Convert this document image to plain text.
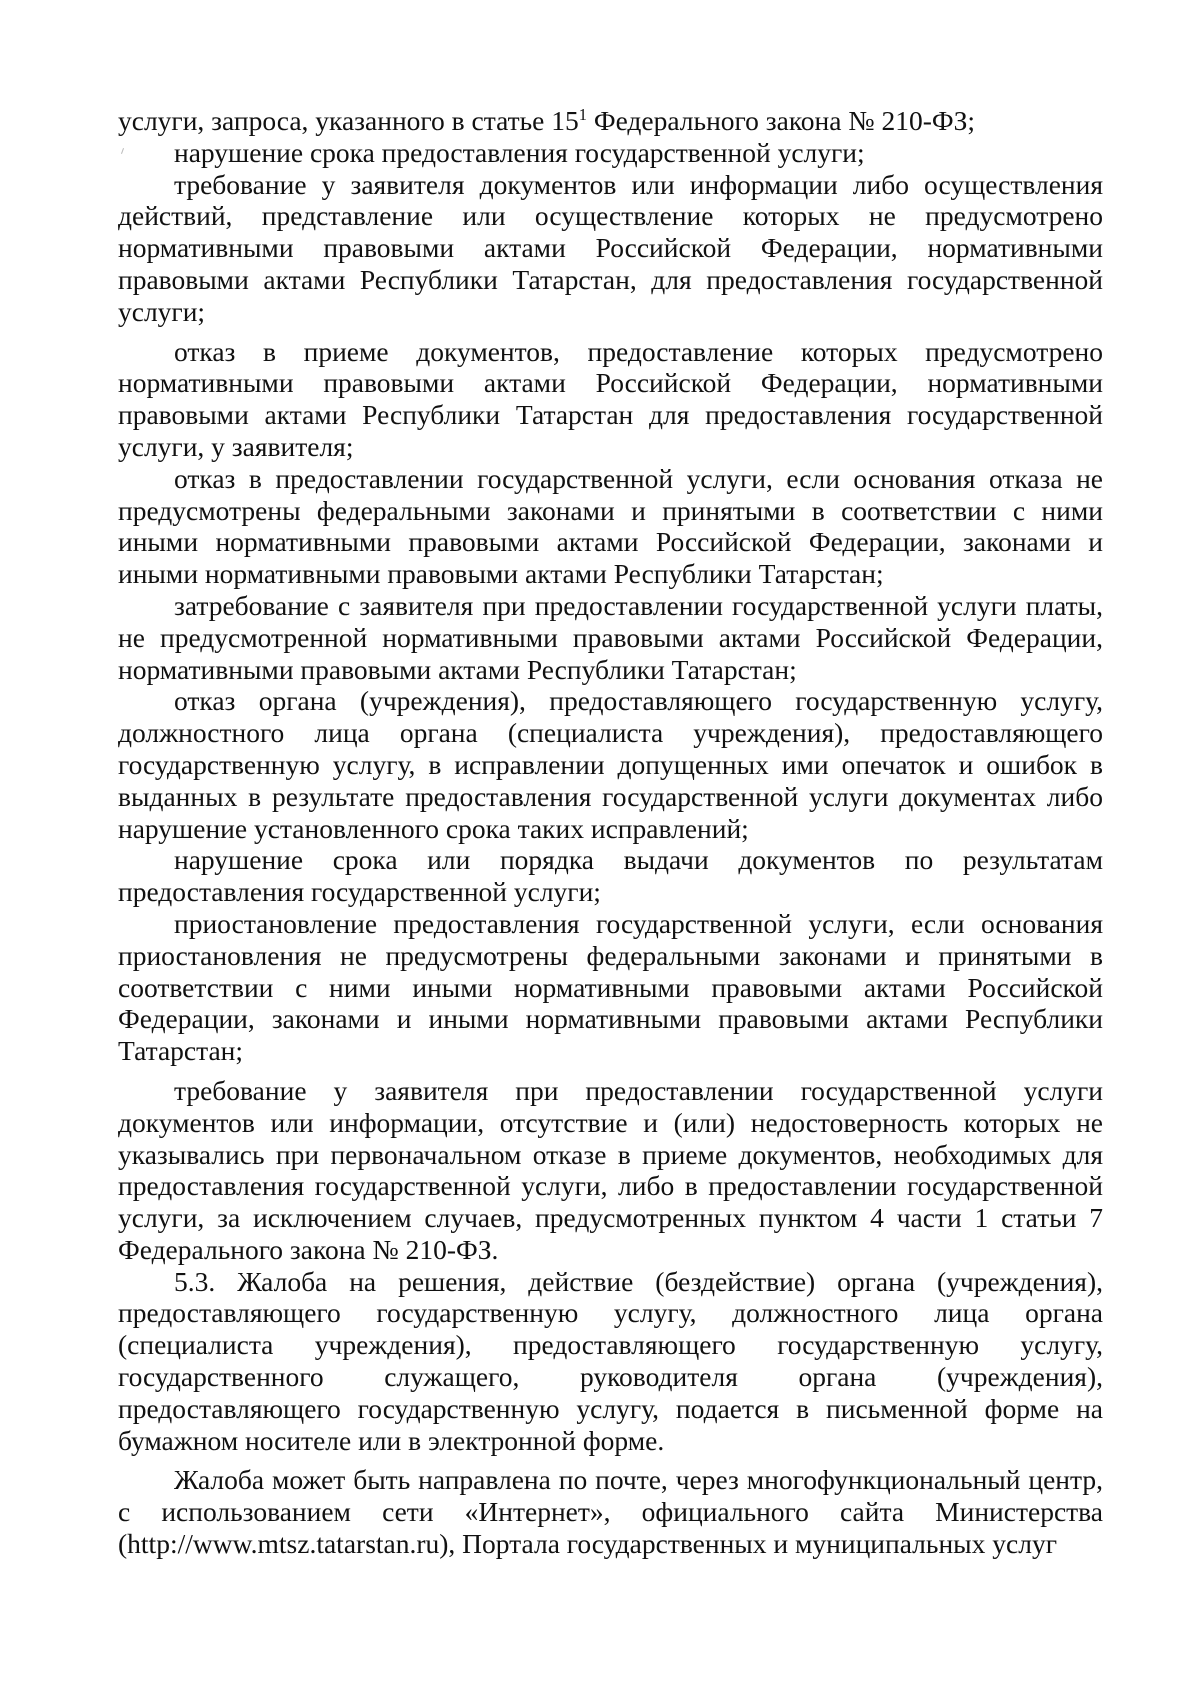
услуги, запроса, указанного в статье $15^1$ Федерального закона № 210-ФЗ;

нарушение срока предоставления государственной услуги;

требование у заявителя документов или информации либо осуществления действий, представление или осуществление которых не предусмотрено нормативными правовыми актами Российской Федерации, нормативными правовыми актами Республики Татарстан, для предоставления государственной услуги;

отказ в приеме документов, предоставление которых предусмотрено нормативными правовыми актами Российской Федерации, нормативными правовыми актами Республики Татарстан для предоставления государственной услуги, у заявителя;

отказ в предоставлении государственной услуги, если основания отказа не предусмотрены федеральными законами и принятыми в соответствии с ними иными нормативными правовыми актами Российской Федерации, законами и иными нормативными правовыми актами Республики Татарстан;

затребование с заявителя при предоставлении государственной услуги платы, не предусмотренной нормативными правовыми актами Российской Федерации, нормативными правовыми актами Республики Татарстан;

отказ органа (учреждения), предоставляющего государственную услугу, должностного лица органа (специалиста учреждения), предоставляющего государственную услугу, в исправлении допущенных ими опечаток и ошибок в выданных в результате предоставления государственной услуги документах либо нарушение установленного срока таких исправлений;

нарушение срока или порядка выдачи документов по результатам предоставления государственной услуги;

приостановление предоставления государственной услуги, если основания приостановления не предусмотрены федеральными законами и принятыми в соответствии с ними иными нормативными правовыми актами Российской Федерации, законами и иными нормативными правовыми актами Республики Татарстан;

требование у заявителя при предоставлении государственной услуги документов или информации, отсутствие и (или) недостоверность которых не указывались при первоначальном отказе в приеме документов, необходимых для предоставления государственной услуги, либо в предоставлении государственной услуги, за исключением случаев, предусмотренных пунктом 4 части 1 статьи 7 Федерального закона № 210-ФЗ.

5.3. Жалоба на решения, действие (бездействие) органа (учреждения), предоставляющего государственную услугу, должностного лица органа (специалиста учреждения), предоставляющего государственную услугу, государственного служащего, руководителя органа (учреждения), предоставляющего государственную услугу, подается в письменной форме на бумажном носителе или в электронной форме.

Жалоба может быть направлена по почте, через многофункциональный центр, с использованием сети «Интернет», официального сайта Министерства (http://www.mtsz.tatarstan.ru), Портала государственных и муниципальных услуг
